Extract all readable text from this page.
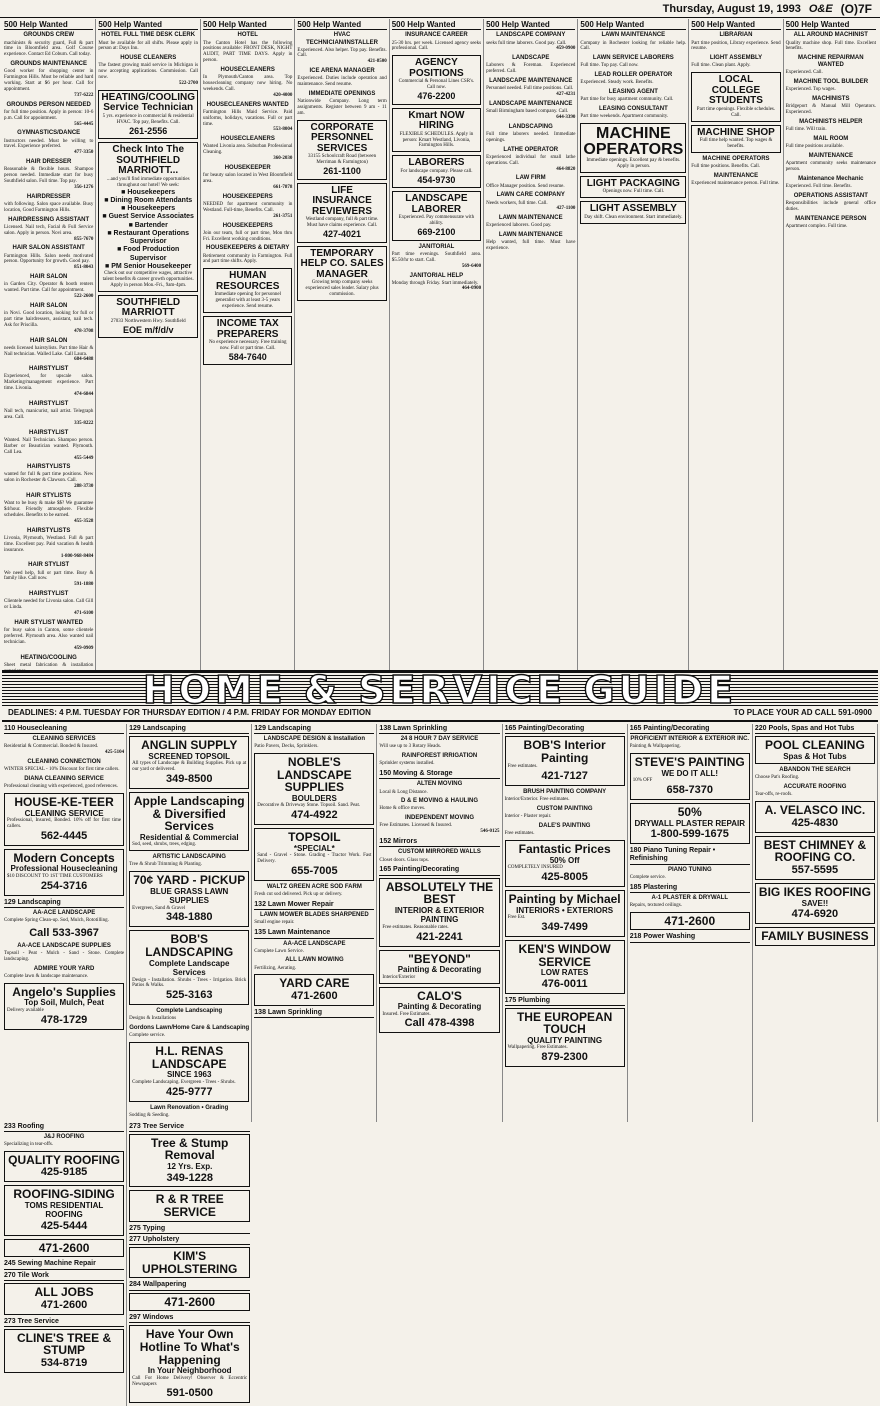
Thursday, August 19, 1993 O&E (O)7F
500 Help Wanted
GROUNDS CREW
machinists & security guard, Full & part time in Bloomfield area. Golf Course experience. Contact Ed Coburn. Call today.
GROUNDS MAINTENANCE
Good worker for shopping center in Farmington Hills. Must be reliable and hard working. Start at $6 per hour. Call for appointment.
737-6222
GROUNDS PERSON NEEDED
for full time position. Apply in person: 10-6 p.m. Call for appointment.
565-4445
GYMNASTICS/DANCE
Instructors needed. Must be willing to travel. Experience preferred.
477-3350
HAIR DRESSER
Reasonable & flexible hours. Shampoo person needed. Immediate start for busy Southfield salon. Full time. Top pay.
356-1276
HAIRDRESSER
with following. Salon space available. Busy location, Good Farmington Hills.
HAIRDRESSING ASSISTANT
Licensed. Nail tech, Facial & Full Service salon. Apply in person. Novi area.
855-7670
HAIR SALON ASSISTANT
Farmington Hills. Salon needs motivated person. Opportunity for growth. Good pay.
851-8043
HAIR SALON
in Garden City. Operator & booth renters wanted. Part time. Call for appointment.
522-2600
HAIR SALON
in Novi. Good location, looking for full or part time hairdressers, assistant, nail tech. Ask for Priscilla.
478-3708
HAIR SALON
needs licensed hairstylists. Part time Hair & Nail technician. Walled Lake. Call Laura.
684-6488
HAIRSTYLIST
Experienced, for upscale salon. Marketing/management experience. Part time. Livonia.
474-6844
HAIRSTYLIST
Nail tech, manicurist, nail artist. Telegraph area. Call.
335-8222
HAIRSTYLIST
Wanted. Nail Technician. Shampoo person. Barber or Beautician wanted. Plymouth. Call Lea.
455-5449
HAIRSTYLISTS
wanted for full & part time positions. New salon in Rochester & Clawson. Call.
288-3730
HAIR STYLISTS
Want to be busy & make $$? We guarantee $4/hour. Friendly atmosphere. Flexible schedules. Benefits to be earned.
455-3528
HAIRSTYLISTS
Livonia, Plymouth, Westland. Full & part time. Excellent pay. Paid vacation & health insurance.
1-800-968-8484
HAIR STYLIST
We need help, full or part time. Busy & family like. Call now.
591-1880
HAIRSTYLIST
Clientele needed for Livonia salon. Call Gill or Linda.
471-6100
HAIR STYLIST WANTED
for busy salon in Canton, some clientele preferred. Plymouth area. Also wanted nail technician.
459-0909
HEATING/COOLING
Sheet metal fabrication & installation
500 Help Wanted
HOTEL FULL TIME DESK CLERK
Must be available for all shifts. Please apply in person at: Days Inn.
HOUSE CLEANERS
The fastest growing maid service in Michigan is now accepting applications. Commission. Call now.
522-2700
HEATING/COOLING Service Technician
5 yrs. experience in commercial & residential HVAC. Top pay, Benefits. Call.
261-2556
Check Into The SOUTHFIELD MARRIOTT...
...and you'll find immediate opportunities throughout our hotel! We seek:
■ Housekeepers
■ Dining Room Attendants
■ Housekeepers
■ Guest Service Associates
■ Bartender
■ Restaurant Operations Supervisor
■ Food Production Supervisor
■ PM Senior Housekeeper
Check out our competitive wages, attractive talent benefits & career growth opportunities. Apply in person Mon.-Fri., 9am-4pm.
SOUTHFIELD MARRIOTT
27033 Northwestern Hwy. Southfield
EOE m/f/d/v
500 Help Wanted
HOTEL
The Canton Hotel has the following positions available: FRONT DESK, NIGHT AUDIT, PART TIME DAYS. Apply in person.
HOUSECLEANERS
In Plymouth/Canton area. Top housecleaning company now hiring. No weekends. Call.
420-4000
HOUSECLEANERS WANTED
Farmington Hills Maid Service. Paid uniforms, holidays, vacations. Full or part time.
553-8004
HOUSECLEANERS
Wanted Livonia area. Suburban Professional Cleaning.
360-2030
HOUSEKEEPER
for beauty salon located in West Bloomfield area.
661-7878
HOUSEKEEPERS
NEEDED for apartment community in Westland. Full-time, Benefits. Call.
261-3751
HOUSEKEEPERS
Join our team, full or part time, Mon thru Fri. Excellent working conditions.
HOUSEKEEPERS & DIETARY
Retirement community in Farmington. Full and part time shifts. Apply.
HUMAN RESOURCES
Immediate opening for personnel generalist with at least 3-5 years experience. Send resume.
INCOME TAX PREPARERS
No experience necessary. Free training now. Full or part time. Call.
584-7640
500 Help Wanted
HVAC TECHNICIAN/INSTALLER
Experienced. Also helper. Top pay. Benefits. Call.
421-8500
ICE ARENA MANAGER
Experienced. Duties include operation and maintenance. Send resume.
IMMEDIATE OPENINGS
Nationwide Company. Long term assignments. Register between 9 am - 11 am.
CORPORATE PERSONNEL SERVICES
33155 Schoolcraft Road (between Merriman & Farmington)
261-1100
LIFE INSURANCE REVIEWERS
Westland company, full & part time. Must have claims experience. Call.
427-4021
TEMPORARY HELP CO. SALES MANAGER
Growing temp company seeks experienced sales leader. Salary plus commission.
500 Help Wanted
INSURANCE CAREER
25-30 hrs. per week. Licensed agency seeks professional. Call.
AGENCY POSITIONS
Commercial & Personal Lines CSR's. Call now.
476-2200
Kmart NOW HIRING
FLEXIBLE SCHEDULES. Apply in person: Kmart Westland, Livonia, Farmington Hills.
LABORERS
For landscape company. Please call.
454-9730
LANDSCAPE LABORER
Experienced. Pay commensurate with ability.
669-2100
JANITORIAL
Part time evenings. Southfield area. $5.50/hr to start. Call.
569-6400
JANITORIAL HELP
Monday through Friday. Start immediately.
464-0900
500 Help Wanted
LANDSCAPE COMPANY
seeks full time laborers. Good pay. Call.
459-0900
LANDSCAPE
Laborers & Foreman. Experienced preferred. Call.
LANDSCAPE MAINTENANCE
Personnel needed. Full time positions. Call.
427-4231
LANDSCAPE MAINTENANCE
Small Birmingham based company. Call.
644-3390
LANDSCAPING
Full time laborers needed. Immediate openings.
LATHE OPERATOR
Experienced individual for small lathe operations. Call.
464-8820
LAW FIRM
Office Manager position. Send resume.
LAWN CARE COMPANY
Needs workers, full time. Call.
427-1100
LAWN MAINTENANCE
Experienced laborers. Good pay.
LAWN MAINTENANCE
Help wanted, full time. Must have experience.
500 Help Wanted
LAWN MAINTENANCE
Company in Rochester looking for reliable help. Call.
LAWN SERVICE LABORERS
Full time. Top pay. Call now.
LEAD ROLLER OPERATOR
Experienced. Steady work. Benefits.
LEASING AGENT
Part time for busy apartment community. Call.
LEASING CONSULTANT
Part time weekends. Apartment community.
MACHINE OPERATORS
Immediate openings. Excellent pay & benefits. Apply in person.
LIGHT PACKAGING
Openings now. Full time. Call.
LIGHT ASSEMBLY
Day shift. Clean environment. Start immediately.
500 Help Wanted
LIBRARIAN
Part time position, Library experience. Send resume.
LIGHT ASSEMBLY
Full time. Clean plant. Apply.
LOCAL COLLEGE STUDENTS
Part time openings. Flexible schedules. Call.
MACHINE SHOP
Full time help wanted. Top wages & benefits.
MACHINE OPERATORS
Full time positions. Benefits. Call.
MAINTENANCE
Experienced maintenance person. Full time.
500 Help Wanted
ALL AROUND MACHINIST
Quality machine shop. Full time. Excellent benefits.
MACHINE REPAIRMAN WANTED
Experienced. Call.
MACHINE TOOL BUILDER
Experienced. Top wages.
MACHINISTS
Bridgeport & Manual Mill Operators. Experienced.
MACHINISTS HELPER
Full time. Will train.
MAIL ROOM
Full time positions available.
MAINTENANCE
Apartment community seeks maintenance person.
Maintenance Mechanic
Experienced. Full time. Benefits.
OPERATIONS ASSISTANT
Responsibilities include general office duties.
MAINTENANCE PERSON
Apartment complex. Full time.
HOME & SERVICE GUIDE
DEADLINES: 4 P.M. TUESDAY FOR THURSDAY EDITION / 4 P.M. FRIDAY FOR MONDAY EDITION	TO PLACE YOUR AD CALL 591-0900
110 Housecleaning
CLEANING SERVICES
Residential & Commercial. Bonded & Insured.
425-5104
CLEANING CONNECTION
WINTER SPECIAL - 10% Discount for first time callers.
DIANA CLEANING SERVICE
Professional cleaning with experienced, good references.
HOUSE-KE-TEER
CLEANING SERVICE
Professional, Insured, Bonded. 10% off for first time callers.
562-4445
Modern Concepts
Professional Housecleaning
$10 DISCOUNT TO 1ST TIME CUSTOMERS
254-3716
129 Landscaping
AA-ACE LANDSCAPE
Complete Spring Clean-up. Sod, Mulch, Rototilling.
Call 533-3967
AA-ACE LANDSCAPE SUPPLIES
Topsoil - Peat - Mulch - Sand - Stone. Complete landscaping.
ADMIRE YOUR YARD
Complete lawn & landscape maintenance.
Angelo's Supplies
Top Soil, Mulch, Peat
Delivery available
478-1729
129 Landscaping
ANGLIN SUPPLY
SCREENED TOPSOIL
All types of Landscape & Building Supplies. Pick up at our yard or delivered.
349-8500
Apple Landscaping & Diversified Services
Residential & Commercial
Sod, seed, shrubs, trees, edging.
ARTISTIC LANDSCAPING
Tree & Shrub Trimming & Planting.
70¢ YARD - PICKUP
BLUE GRASS LAWN SUPPLIES
Evergreen, Sand & Gravel
348-1880
BOB'S LANDSCAPING
Complete Landscape Services
Design - Installation. Shrubs - Trees - Irrigation. Brick Patios & Walks.
525-3163
Complete Landscaping
Designs & Installations
Gordons Lawn/Home Care & Landscaping
Complete service.
H.L. RENAS LANDSCAPE
SINCE 1963
Complete Landscaping. Evergreen - Trees - Shrubs.
425-9777
Lawn Renovation • Grading
Sodding & Seeding.
129 Landscaping
LANDSCAPE DESIGN & Installation
Patio Pavers, Decks, Sprinklers.
NOBLE'S LANDSCAPE SUPPLIES
BOULDERS
Decorative & Driveway Stone. Topsoil. Sand. Peat.
474-4922
TOPSOIL
*SPECIAL*
Sand - Gravel - Stone. Grading - Tractor Work. Fast Delivery.
655-7005
WALTZ GREEN ACRE SOD FARM
Fresh cut sod delivered. Pick up or delivery.
132 Lawn Mower Repair
LAWN MOWER BLADES SHARPENED
Small engine repair.
135 Lawn Maintenance
AA-ACE LANDSCAPE
Complete Lawn Service.
ALL LAWN MOWING
Fertilizing, Aerating.
YARD CARE
471-2600
138 Lawn Sprinkling
138 Lawn Sprinkling
24 8 HOUR 7 DAY SERVICE
Will use up to 3 Rotary Heads.
RAINFOREST IRRIGATION
Sprinkler systems installed.
150 Moving & Storage
ALTEN MOVING
Local & Long Distance.
D & E MOVING & HAULING
Home & office moves.
INDEPENDENT MOVING
Free Estimates. Licensed & Insured.
546-0125
152 Mirrors
CUSTOM MIRRORED WALLS
Closet doors. Glass tops.
165 Painting/Decorating
ABSOLUTELY THE BEST
INTERIOR & EXTERIOR PAINTING
Free estimates. Reasonable rates.
421-2241
"BEYOND"
Painting & Decorating
Interior/Exterior
CALO'S
Painting & Decorating
Insured. Free Estimates.
Call 478-4398
165 Painting/Decorating
BOB'S Interior Painting
Free estimates.
421-7127
BRUSH PAINTING COMPANY
Interior/Exterior. Free estimates.
CUSTOM PAINTING
Interior - Plaster repair.
DALE'S PAINTING
Free estimates.
Fantastic Prices
50% Off
COMPLETELY INSURED
425-8005
Painting by Michael
INTERIORS • EXTERIORS
Free Est.
349-7499
KEN'S WINDOW SERVICE
LOW RATES
476-0011
175 Plumbing
THE EUROPEAN TOUCH
QUALITY PAINTING
Wallpapering. Free Estimates.
879-2300
165 Painting/Decorating
PROFICIENT INTERIOR & EXTERIOR INC.
Painting & Wallpapering.
STEVE'S PAINTING
WE DO IT ALL!
10% OFF
658-7370
50%
DRYWALL PLASTER REPAIR
1-800-599-1675
180 Piano Tuning Repair • Refinishing
PIANO TUNING
Complete service.
185 Plastering
A-1 PLASTER & DRYWALL
Repairs, textured ceilings.
471-2600
218 Power Washing
220 Pools, Spas and Hot Tubs
POOL CLEANING
Spas & Hot Tubs
ABANDON THE SEARCH
Choose Pat's Roofing.
ACCURATE ROOFING
Tear-offs, re-roofs.
A. VELASCO INC.
425-4830
BEST CHIMNEY & ROOFING CO.
557-5595
BIG IKES ROOFING
SAVE!!
474-6920
FAMILY BUSINESS
233 Roofing
J&J ROOFING
Specializing in tear-offs.
QUALITY ROOFING
425-9185
ROOFING-SIDING
TOMS RESIDENTIAL ROOFING
425-5444
471-2600
245 Sewing Machine Repair
270 Tile Work
ALL JOBS
471-2600
273 Tree Service
CLINE'S TREE & STUMP
534-8719
273 Tree Service
Tree & Stump Removal
12 Yrs. Exp.
349-1228
R & R TREE SERVICE
275 Typing
277 Upholstery
KIM'S UPHOLSTERING
284 Wallpapering
471-2600
297 Windows
Have Your Own Hotline To What's Happening
In Your Neighborhood
Call For Home Delivery! Observer & Eccentric Newspapers
591-0500
